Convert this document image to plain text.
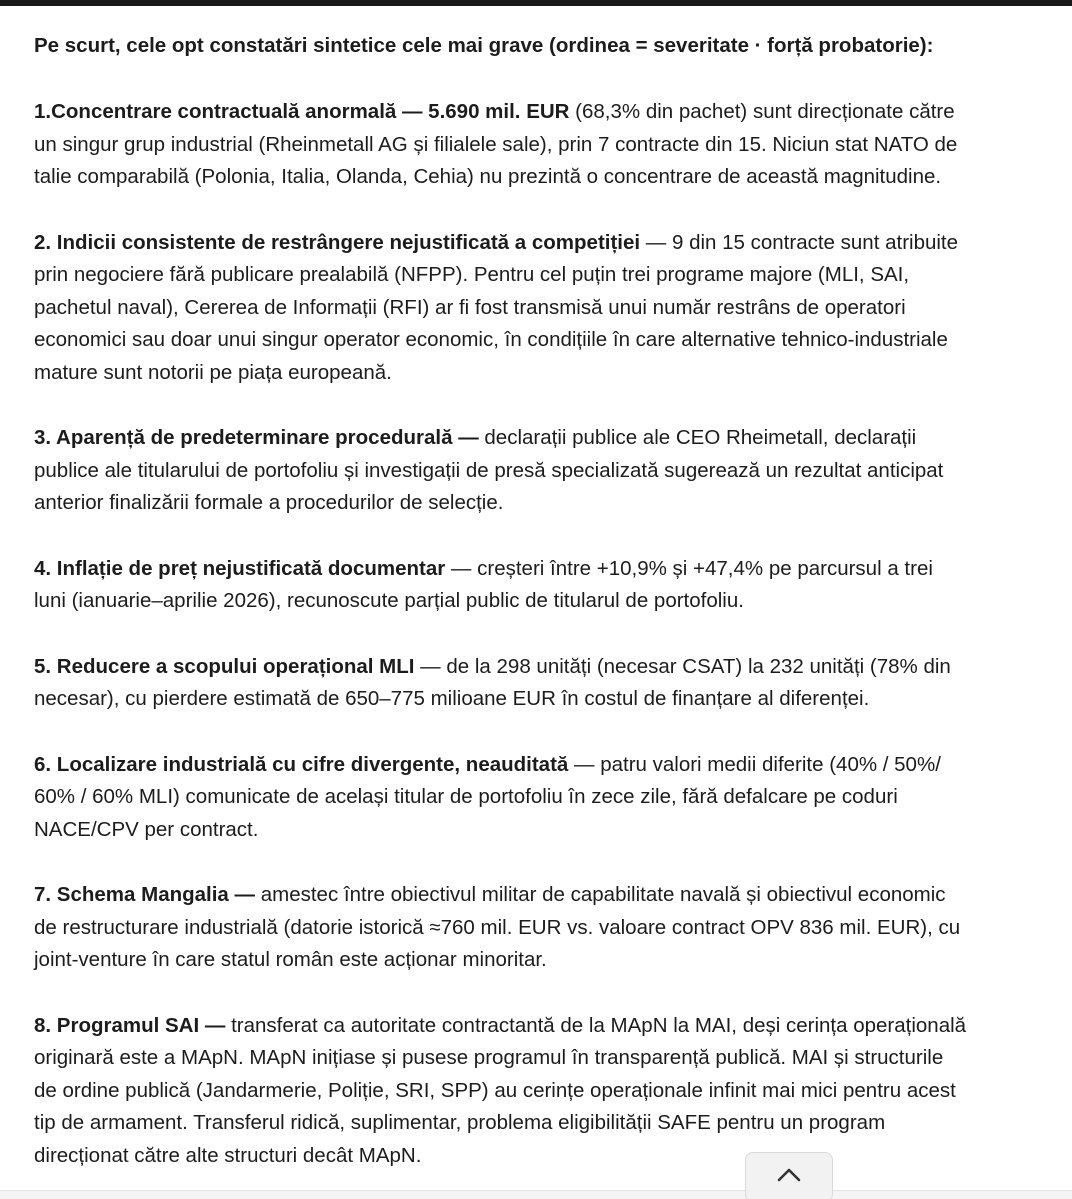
Pe scurt, cele opt constatări sintetice cele mai grave (ordinea = severitate · forță probatorie):

1.Concentrare contractuală anormală — 5.690 mil. EUR (68,3% din pachet) sunt direcționate către
un singur grup industrial (Rheinmetall AG și filialele sale), prin 7 contracte din 15. Niciun stat NATO de
talie comparabilă (Polonia, Italia, Olanda, Cehia) nu prezintă o concentrare de această magnitudine.

2. Indicii consistente de restrângere nejustificată a competiției — 9 din 15 contracte sunt atribuite
prin negociere fără publicare prealabilă (NFPP). Pentru cel puțin trei programe majore (MLI, SAI,
pachetul naval), Cererea de Informații (RFI) ar fi fost transmisă unui număr restrâns de operatori
economici sau doar unui singur operator economic, în condițiile în care alternative tehnico-industriale
mature sunt notorii pe piața europeană.

3. Aparență de predeterminare procedurală — declarații publice ale CEO Rheimetall, declarații
publice ale titularului de portofoliu și investigații de presă specializată sugerează un rezultat anticipat
anterior finalizării formale a procedurilor de selecție.

4. Inflație de preț nejustificată documentar — creșteri între +10,9% și +47,4% pe parcursul a trei
luni (ianuarie–aprilie 2026), recunoscute parțial public de titularul de portofoliu.

5. Reducere a scopului operațional MLI — de la 298 unități (necesar CSAT) la 232 unități (78% din
necesar), cu pierdere estimată de 650–775 milioane EUR în costul de finanțare al diferenței.

6. Localizare industrială cu cifre divergente, neauditată — patru valori medii diferite (40% / 50%/
60% / 60% MLI) comunicate de același titular de portofoliu în zece zile, fără defalcare pe coduri
NACE/CPV per contract.

7. Schema Mangalia — amestec între obiectivul militar de capabilitate navală și obiectivul economic
de restructurare industrială (datorie istorică ≈760 mil. EUR vs. valoare contract OPV 836 mil. EUR), cu
joint-venture în care statul român este acționar minoritar.

8. Programul SAI — transferat ca autoritate contractantă de la MApN la MAI, deși cerința operațională
originară este a MApN. MApN inițiase și pusese programul în transparență publică. MAI și structurile
de ordine publică (Jandarmerie, Poliție, SRI, SPP) au cerințe operaționale infinit mai mici pentru acest
tip de armament. Transferul ridică, suplimentar, problema eligibilității SAFE pentru un program
direcționat către alte structuri decât MApN.
